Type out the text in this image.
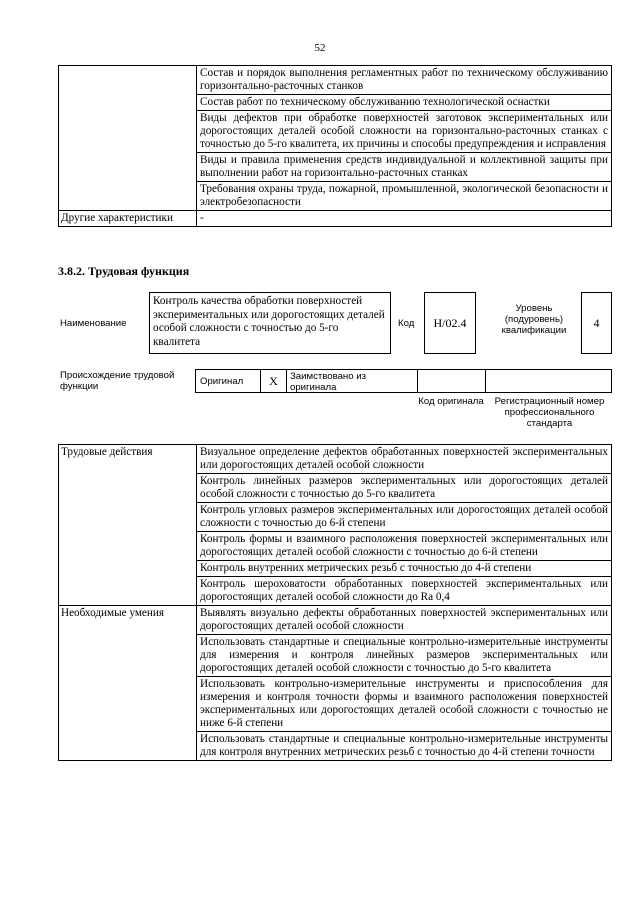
52
	Состав и порядок выполнения регламентных работ по техническому обслуживанию горизонтально-расточных станков
	Состав работ по техническому обслуживанию технологической оснастки
	Виды дефектов при обработке поверхностей заготовок экспериментальных или дорогостоящих деталей особой сложности на горизонтально-расточных станках с точностью до 5-го квалитета, их причины и способы предупреждения и исправления
	Виды и правила применения средств индивидуальной и коллективной защиты при выполнении работ на горизонтально-расточных станках
	Требования охраны труда, пожарной, промышленной, экологической безопасности и электробезопасности
Другие характеристики	-
3.8.2. Трудовая функция
Наименование
Контроль качества обработки поверхностей экспериментальных или дорогостоящих деталей особой сложности с точностью до 5-го квалитета
Код	H/02.4
Уровень (подуровень) квалификации
4
Происхождение трудовой функции	Оригинал	X	Заимствовано из оригинала
Код оригинала	Регистрационный номер профессионального стандарта
Трудовые действия	Визуальное определение дефектов обработанных поверхностей экспериментальных или дорогостоящих деталей особой сложности
	Контроль линейных размеров экспериментальных или дорогостоящих деталей особой сложности с точностью до 5-го квалитета
	Контроль угловых размеров экспериментальных или дорогостоящих деталей особой сложности с точностью до 6-й степени
	Контроль формы и взаимного расположения поверхностей экспериментальных или дорогостоящих деталей особой сложности с точностью до 6-й степени
	Контроль внутренних метрических резьб с точностью до 4-й степени
	Контроль шероховатости обработанных поверхностей экспериментальных или дорогостоящих деталей особой сложности до Ra 0,4
Необходимые умения	Выявлять визуально дефекты обработанных поверхностей экспериментальных или дорогостоящих деталей особой сложности
	Использовать стандартные и специальные контрольно-измерительные инструменты для измерения и контроля линейных размеров экспериментальных или дорогостоящих деталей особой сложности с точностью до 5-го квалитета
	Использовать контрольно-измерительные инструменты и приспособления для измерения и контроля точности формы и взаимного расположения поверхностей экспериментальных или дорогостоящих деталей особой сложности с точностью не ниже 6-й степени
	Использовать стандартные и специальные контрольно-измерительные инструменты для контроля внутренних метрических резьб с точностью до 4-й степени точности
